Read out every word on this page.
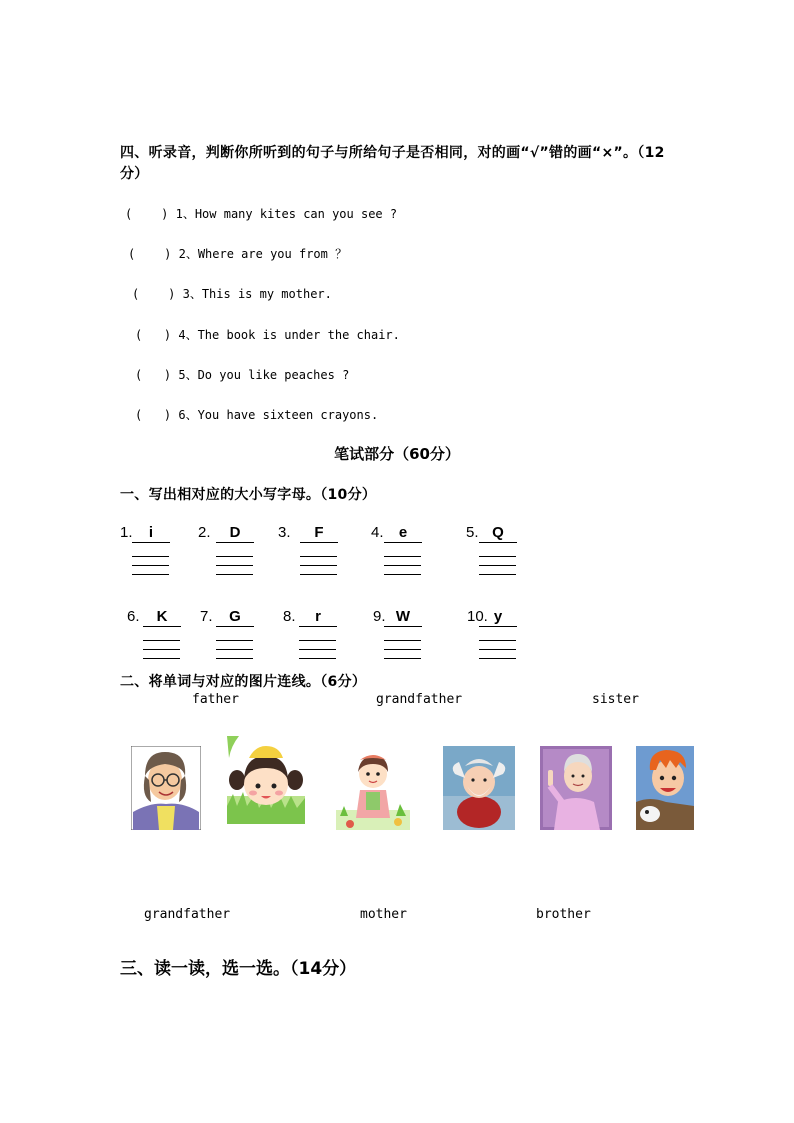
四、听录音，判断你所听到的句子与所给句子是否相同，对的画“√”错的画“×”。（12
分）
(    ) 1、How many kites can you see ?
(    ) 2、Where are you from ？
(    ) 3、This is my mother.
(   ) 4、The book is under the chair.
(   ) 5、Do you like peaches ?
(   ) 6、You have sixteen crayons.
笔试部分（60分）
一、写出相对应的大小写字母。（10分）
1.	i	2.	D	3.	F	4.	e	5. Q
6.	K	7.	G	8.	r	9. W	10. y
二、将单词与对应的图片连线。（6分）
father	grandfather	sister
grandfather	mother	brother
三、读一读，选一选。（14分）
